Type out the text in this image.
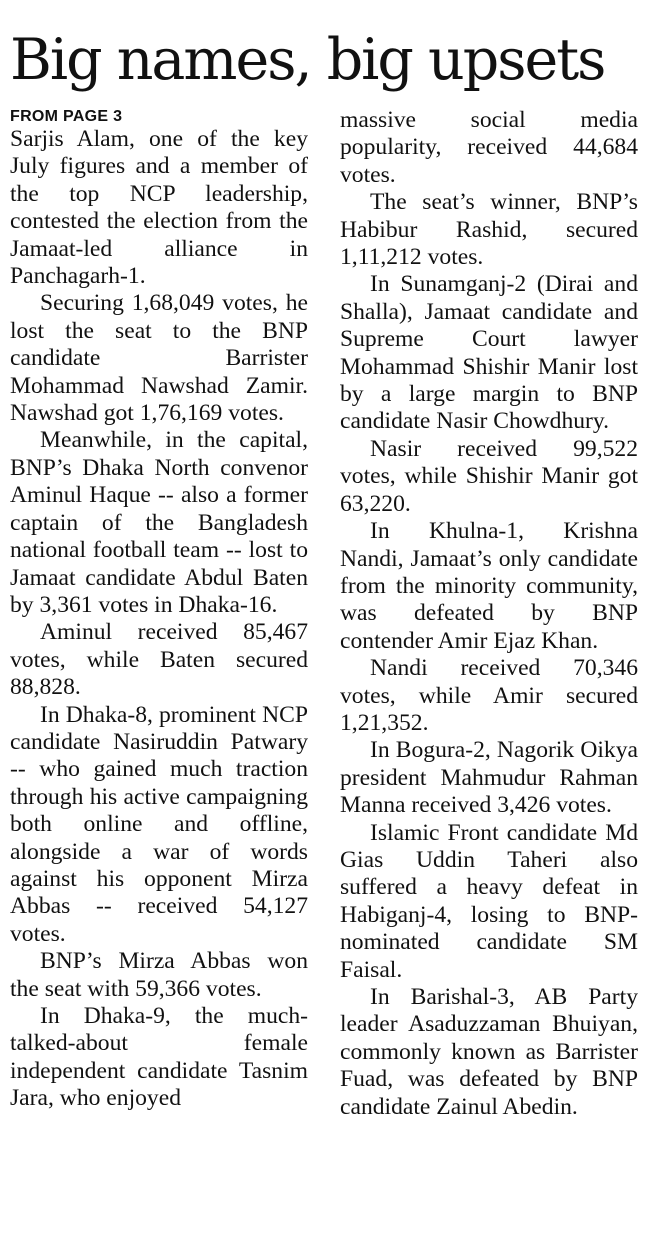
Big names, big upsets
FROM PAGE 3

Sarjis Alam, one of the key July figures and a member of the top NCP leadership, contested the election from the Jamaat-led alliance in Panchagarh-1.

Securing 1,68,049 votes, he lost the seat to the BNP candidate Barrister Mohammad Nawshad Zamir. Nawshad got 1,76,169 votes.

Meanwhile, in the capital, BNP’s Dhaka North convenor Aminul Haque -- also a former captain of the Bangladesh national football team -- lost to Jamaat candidate Abdul Baten by 3,361 votes in Dhaka-16.

Aminul received 85,467 votes, while Baten secured 88,828.

In Dhaka-8, prominent NCP candidate Nasiruddin Patwary -- who gained much traction through his active campaigning both online and offline, alongside a war of words against his opponent Mirza Abbas -- received 54,127 votes.

BNP’s Mirza Abbas won the seat with 59,366 votes.

In Dhaka-9, the much-talked-about female independent candidate Tasnim Jara, who enjoyed

massive social media popularity, received 44,684 votes.

The seat’s winner, BNP’s Habibur Rashid, secured 1,11,212 votes.

In Sunamganj-2 (Dirai and Shalla), Jamaat candidate and Supreme Court lawyer Mohammad Shishir Manir lost by a large margin to BNP candidate Nasir Chowdhury.

Nasir received 99,522 votes, while Shishir Manir got 63,220.

In Khulna-1, Krishna Nandi, Jamaat’s only candidate from the minority community, was defeated by BNP contender Amir Ejaz Khan.

Nandi received 70,346 votes, while Amir secured 1,21,352.

In Bogura-2, Nagorik Oikya president Mahmudur Rahman Manna received 3,426 votes.

Islamic Front candidate Md Gias Uddin Taheri also suffered a heavy defeat in Habiganj-4, losing to BNP-nominated candidate SM Faisal.

In Barishal-3, AB Party leader Asaduzzaman Bhuiyan, commonly known as Barrister Fuad, was defeated by BNP candidate Zainul Abedin.
